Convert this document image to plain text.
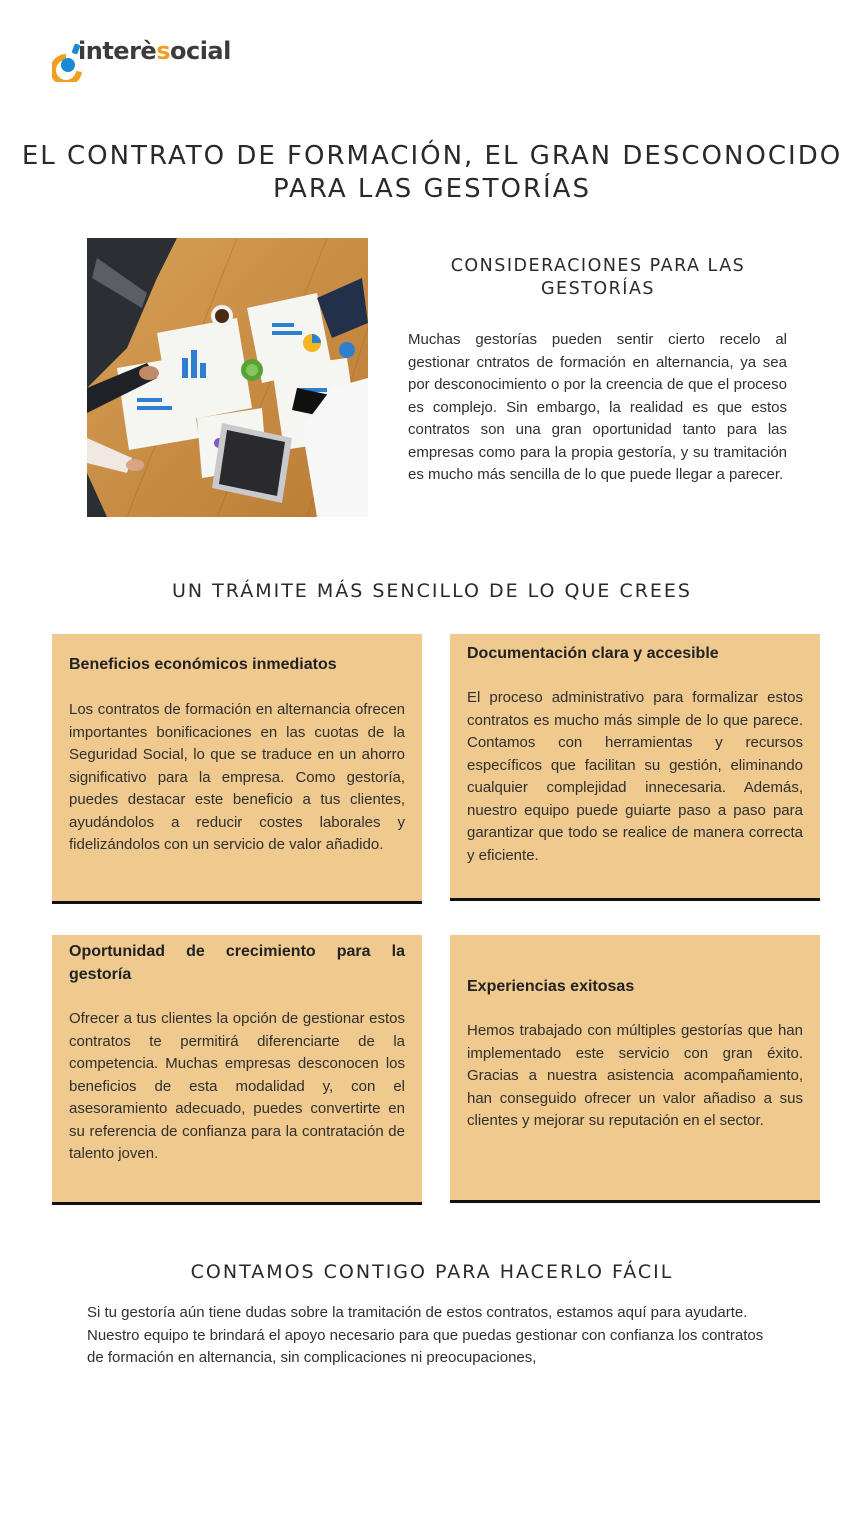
interèsocial
EL CONTRATO DE FORMACIÓN, EL GRAN DESCONOCIDO PARA LAS GESTORÍAS
CONSIDERACIONES PARA LAS GESTORÍAS

Muchas gestorías pueden sentir cierto recelo al gestionar cntratos de formación en alternancia, ya sea por desconocimiento o por la creencia de que el proceso es complejo. Sin embargo, la realidad es que estos contratos son una gran oportunidad tanto para las empresas como para la propia gestoría, y su tramitación es mucho más sencilla de lo que puede llegar a parecer.

UN TRÁMITE MÁS SENCILLO DE LO QUE CREES
Beneficios económicos inmediatos

Los contratos de formación en alternancia ofrecen importantes bonificaciones en las cuotas de la Seguridad Social, lo que se traduce en un ahorro significativo para la empresa. Como gestoría, puedes destacar este beneficio a tus clientes, ayudándolos a reducir costes laborales y fidelizándolos con un servicio de valor añadido.

Documentación clara y accesible

El proceso administrativo para formalizar estos contratos es mucho más simple de lo que parece. Contamos con herramientas y recursos específicos que facilitan su gestión, eliminando cualquier complejidad innecesaria. Además, nuestro equipo puede guiarte paso a paso para garantizar que todo se realice de manera correcta y eficiente.

Oportunidad de crecimiento para la gestoría

Ofrecer a tus clientes la opción de gestionar estos contratos te permitirá diferenciarte de la competencia. Muchas empresas desconocen los beneficios de esta modalidad y, con el asesoramiento adecuado, puedes convertirte en su referencia de confianza para la contratación de talento joven.

Experiencias exitosas

Hemos trabajado con múltiples gestorías que han implementado este servicio con gran éxito. Gracias a nuestra asistencia acompañamiento, han conseguido ofrecer un valor añadiso a sus clientes y mejorar su reputación en el sector.

CONTAMOS CONTIGO PARA HACERLO FÁCIL

Si tu gestoría aún tiene dudas sobre la tramitación de estos contratos, estamos aquí para ayudarte. Nuestro equipo te brindará el apoyo necesario para que puedas gestionar con confianza los contratos de formación en alternancia, sin complicaciones ni preocupaciones,
